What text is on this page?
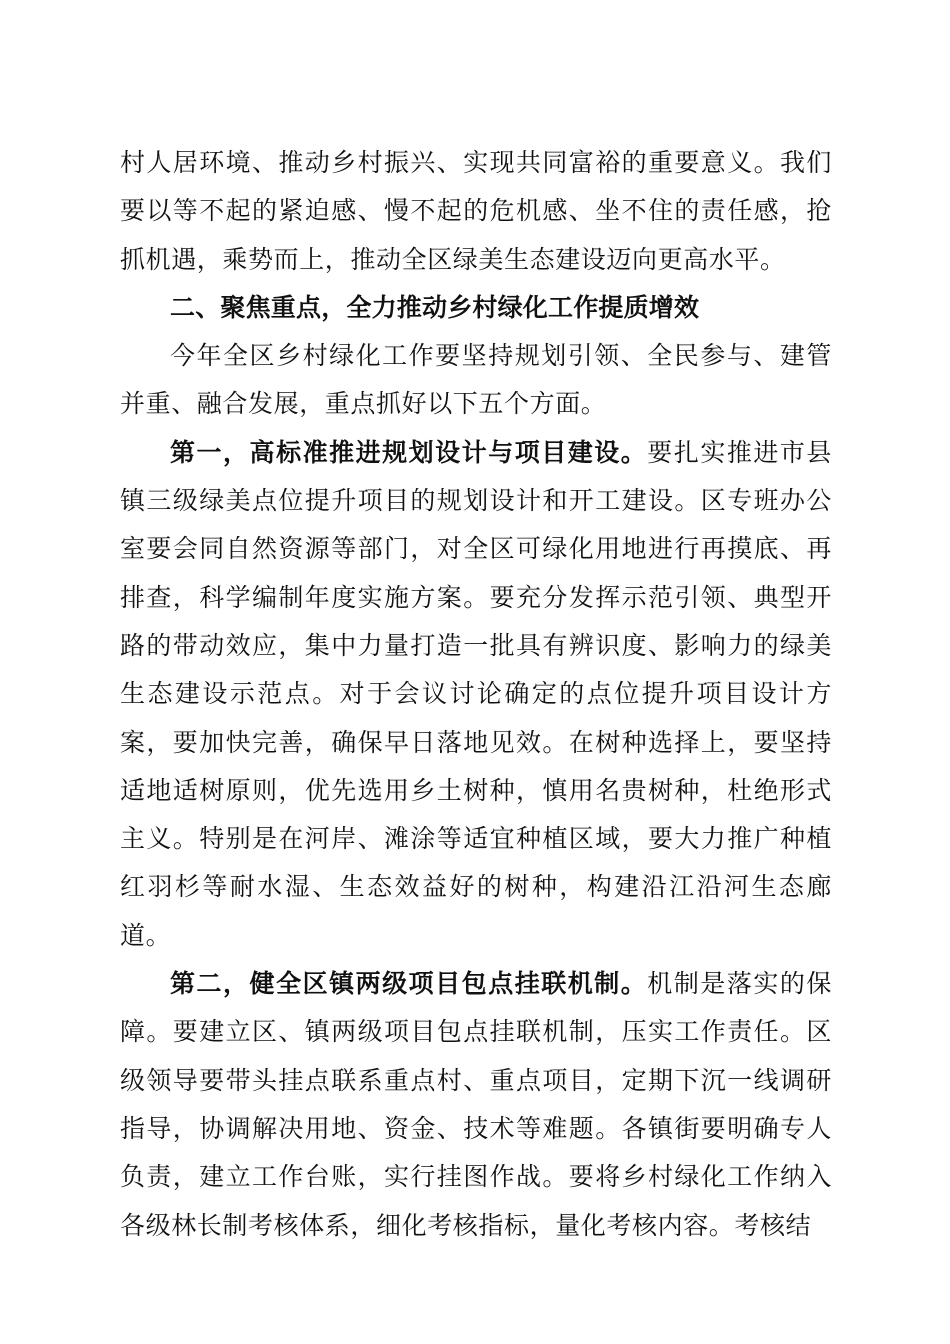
村人居环境、推动乡村振兴、实现共同富裕的重要意义。我们要以等不起的紧迫感、慢不起的危机感、坐不住的责任感，抢抓机遇，乘势而上，推动全区绿美生态建设迈向更高水平。

二、聚焦重点，全力推动乡村绿化工作提质增效

今年全区乡村绿化工作要坚持规划引领、全民参与、建管并重、融合发展，重点抓好以下五个方面。

第一，高标准推进规划设计与项目建设。要扎实推进市县镇三级绿美点位提升项目的规划设计和开工建设。区专班办公室要会同自然资源等部门，对全区可绿化用地进行再摸底、再排查，科学编制年度实施方案。要充分发挥示范引领、典型开路的带动效应，集中力量打造一批具有辨识度、影响力的绿美生态建设示范点。对于会议讨论确定的点位提升项目设计方案，要加快完善，确保早日落地见效。在树种选择上，要坚持适地适树原则，优先选用乡土树种，慎用名贵树种，杜绝形式主义。特别是在河岸、滩涂等适宜种植区域，要大力推广种植红羽杉等耐水湿、生态效益好的树种，构建沿江沿河生态廊道。

第二，健全区镇两级项目包点挂联机制。机制是落实的保障。要建立区、镇两级项目包点挂联机制，压实工作责任。区级领导要带头挂点联系重点村、重点项目，定期下沉一线调研指导，协调解决用地、资金、技术等难题。各镇街要明确专人负责，建立工作台账，实行挂图作战。要将乡村绿化工作纳入各级林长制考核体系，细化考核指标，量化考核内容。考核结
